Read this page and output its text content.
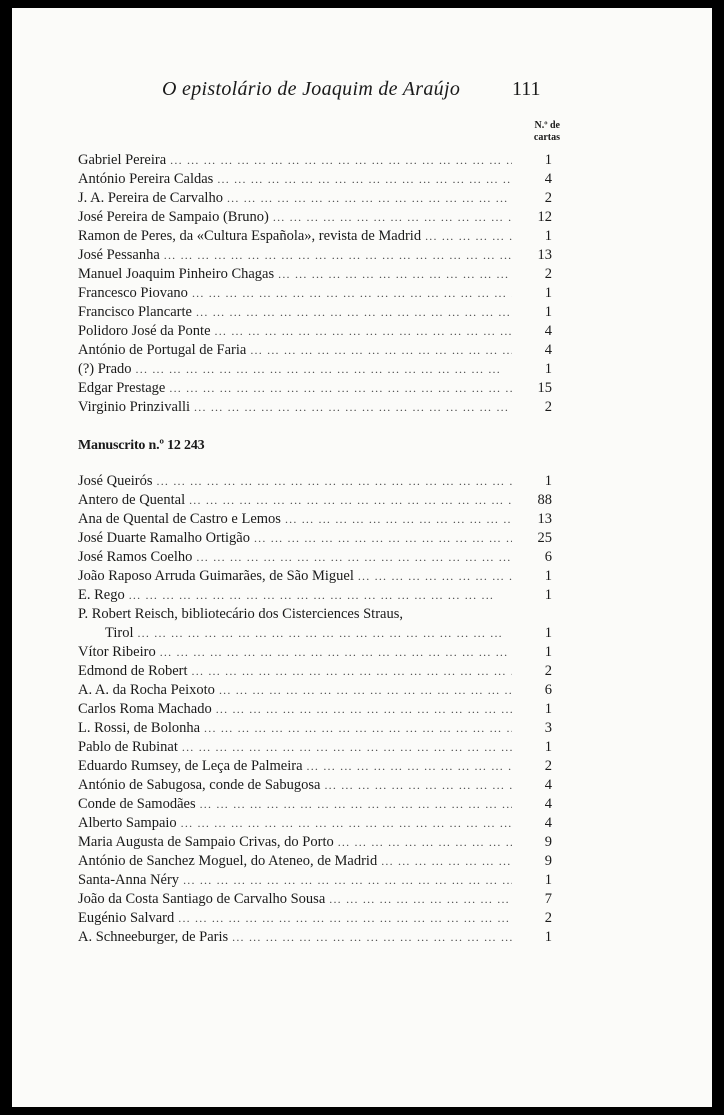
O epistolário de Joaquim de Araújo	111
N.º de
cartas
Gabriel Pereira ... .	1
António Pereira Caldas ... .	4
J. A. Pereira de Carvalho ... .	2
José Pereira de Sampaio (Bruno) ... .	12
Ramon de Peres, da «Cultura Española», revista de Madrid ... .	1
José Pessanha ... .	13
Manuel Joaquim Pinheiro Chagas ... .	2
Francesco Piovano ... .	1
Francisco Plancarte ... .	1
Polidoro José da Ponte ... .	4
António de Portugal de Faria ... .	4
(?) Prado ... .	1
Edgar Prestage ... .	15
Virginio Prinzivalli ... .	2
Manuscrito n.º 12 243
José Queirós ... .	1
Antero de Quental ... .	88
Ana de Quental de Castro e Lemos ... .	13
José Duarte Ramalho Ortigão ... .	25
José Ramos Coelho ... .	6
João Raposo Arruda Guimarães, de São Miguel ... .	1
E. Rego ... .	1
P. Robert Reisch, bibliotecário dos Cisterciences Straus,
Tirol ... .	1
Vítor Ribeiro ... .	1
Edmond de Robert ... .	2
A. A. da Rocha Peixoto ... .	6
Carlos Roma Machado ... .	1
L. Rossi, de Bolonha ... .	3
Pablo de Rubinat ... .	1
Eduardo Rumsey, de Leça de Palmeira ... .	2
António de Sabugosa, conde de Sabugosa ... .	4
Conde de Samodães ... .	4
Alberto Sampaio ... .	4
Maria Augusta de Sampaio Crivas, do Porto ... .	9
António de Sanchez Moguel, do Ateneo, de Madrid ... .	9
Santa-Anna Néry ... .	1
João da Costa Santiago de Carvalho Sousa ... .	7
Eugénio Salvard ... .	2
A. Schneeburger, de Paris ... .	1
